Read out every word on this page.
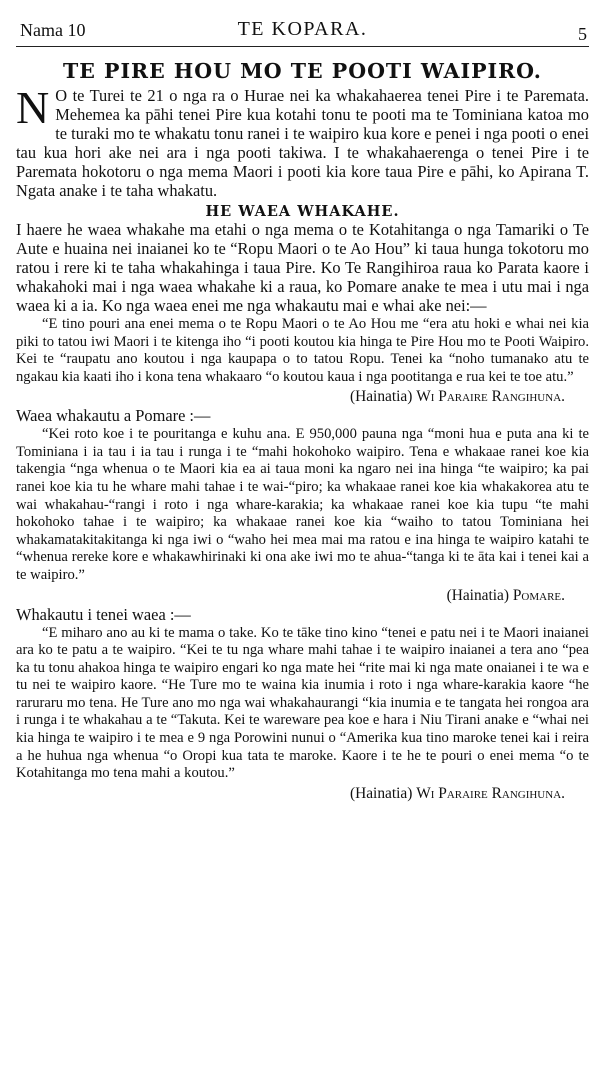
Nama 10	TE KOPARA.	5
TE PIRE HOU MO TE POOTI WAIPIRO.

N O te Turei te 21 o nga ra o Hurae nei ka whakahaerea tenei Pire i te Paremata. Mehemea ka pāhi tenei Pire kua kotahi tonu te pooti ma te Tominiana katoa mo te turaki mo te whakatu tonu ranei i te waipiro kua kore e penei i nga pooti o enei tau kua hori ake nei ara i nga pooti takiwa. I te whakahaerenga o tenei Pire i te Paremata hokotoru o nga mema Maori i pooti kia kore taua Pire e pāhi, ko Apirana T. Ngata anake i te taha whakatu.

HE WAEA WHAKAHE.

I haere he waea whakahe ma etahi o nga mema o te Kotahitanga o nga Tamariki o Te Aute e huaina nei inaianei ko te “Ropu Maori o te Ao Hou” ki taua hunga tokotoru mo ratou i rere ki te taha whakahinga i taua Pire. Ko Te Rangihiroa raua ko Parata kaore i whakahoki mai i nga waea whakahe ki a raua, ko Pomare anake te mea i utu mai i nga waea ki a ia. Ko nga waea enei me nga whakautu mai e whai ake nei:—

“E tino pouri ana enei mema o te Ropu Maori o te Ao Hou me “era atu hoki e whai nei kia piki to tatou iwi Maori i te kitenga iho “i pooti koutou kia hinga te Pire Hou mo te Pooti Waipiro. Kei te “raupatu ano koutou i nga kaupapa o to tatou Ropu. Tenei ka “noho tumanako atu te ngakau kia kaati iho i kona tena whakaaro “o koutou kaua i nga pootitanga e rua kei te toe atu.”

(Hainatia) Wi Paraire Rangihuna.

Waea whakautu a Pomare :—

“Kei roto koe i te pouritanga e kuhu ana. E 950,000 pauna nga “moni hua e puta ana ki te Tominiana i ia tau i ia tau i runga i te “mahi hokohoko waipiro. Tena e whakaae ranei koe kia takengia “nga whenua o te Maori kia ea ai taua moni ka ngaro nei ina hinga “te waipiro; ka pai ranei koe kia tu he whare mahi tahae i te wai-“piro; ka whakaae ranei koe kia whakakorea atu te wai whakahau-“rangi i roto i nga whare-karakia; ka whakaae ranei koe kia tupu “te mahi hokohoko tahae i te waipiro; ka whakaae ranei koe kia “waiho to tatou Tominiana hei whakamatakitakitanga ki nga iwi o “waho hei mea mai ma ratou e ina hinga te waipiro katahi te “whenua rereke kore e whakawhirinaki ki ona ake iwi mo te ahua-“tanga ki te āta kai i tenei kai a te waipiro.”

(Hainatia) Pomare.

Whakautu i tenei waea :—

“E miharo ano au ki te mama o take. Ko te tāke tino kino “tenei e patu nei i te Maori inaianei ara ko te patu a te waipiro. “Kei te tu nga whare mahi tahae i te waipiro inaianei a tera ano “pea ka tu tonu ahakoa hinga te waipiro engari ko nga mate hei “rite mai ki nga mate onaianei i te wa e tu nei te waipiro kaore. “He Ture mo te waina kia inumia i roto i nga whare-karakia kaore “he raruraru mo tena. He Ture ano mo nga wai whakahaurangi “kia inumia e te tangata hei rongoa ara i runga i te whakahau a te “Takuta. Kei te wareware pea koe e hara i Niu Tirani anake e “whai nei kia hinga te waipiro i te mea e 9 nga Porowini nunui o “Amerika kua tino maroke tenei kai i reira a he huhua nga whenua “o Oropi kua tata te maroke. Kaore i te he te pouri o enei mema “o te Kotahitanga mo tena mahi a koutou.”

(Hainatia) Wi Paraire Rangihuna.
